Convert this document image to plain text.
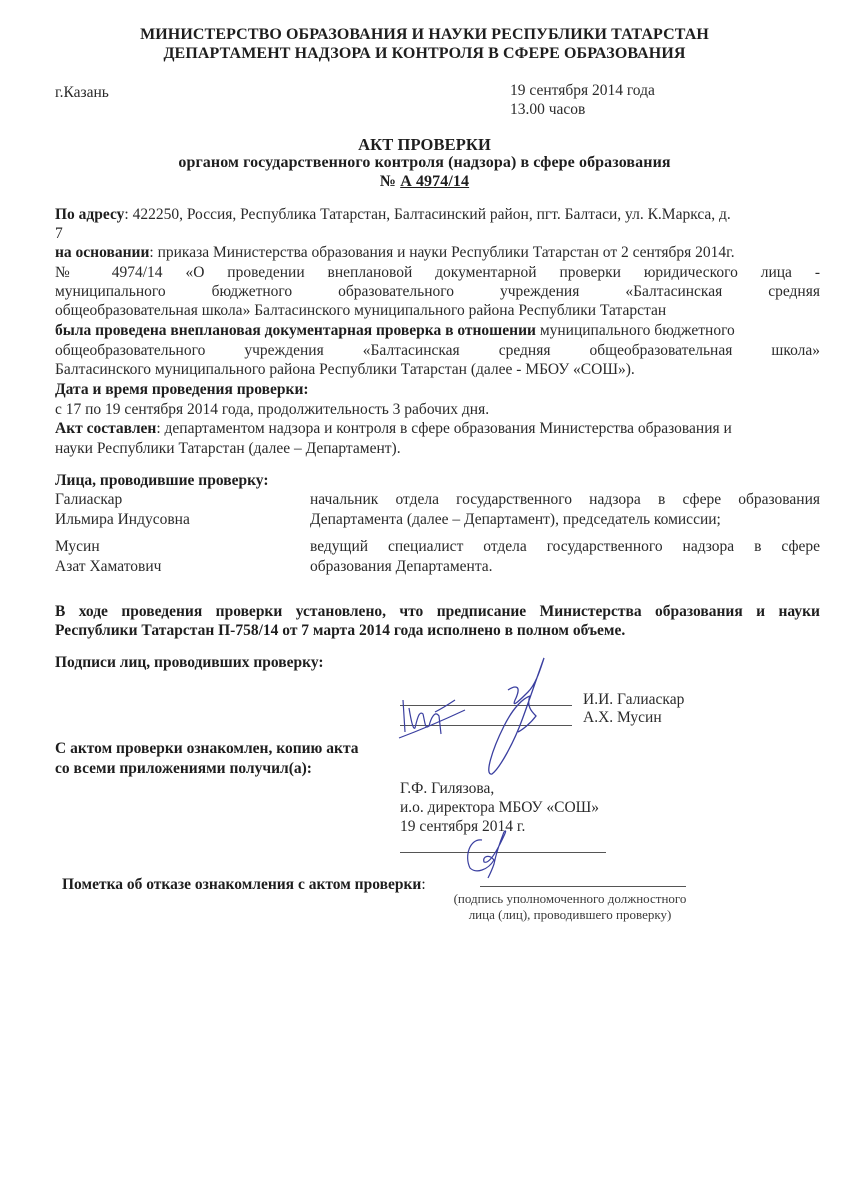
МИНИСТЕРСТВО ОБРАЗОВАНИЯ И НАУКИ РЕСПУБЛИКИ ТАТАРСТАН
ДЕПАРТАМЕНТ НАДЗОРА И КОНТРОЛЯ В СФЕРЕ ОБРАЗОВАНИЯ
г.Казань	19 сентября 2014 года
13.00 часов
АКТ ПРОВЕРКИ
органом государственного контроля (надзора) в сфере образования
№ А 4974/14
По адресу: 422250, Россия, Республика Татарстан, Балтасинский район, пгт. Балтаси, ул. К.Маркса, д.
7
на основании: приказа Министерства образования и науки Республики Татарстан от 2 сентября 2014г.
№ 4974/14 «О проведении внеплановой документарной проверки юридического лица -
муниципального бюджетного образовательного учреждения «Балтасинская средняя
общеобразовательная школа» Балтасинского муниципального района Республики Татарстан
была проведена внеплановая документарная проверка в отношении муниципального бюджетного
общеобразовательного учреждения «Балтасинская средняя общеобразовательная школа»
Балтасинского муниципального района Республики Татарстан (далее - МБОУ «СОШ»).
Дата и время проведения проверки:
с 17 по 19 сентября 2014 года, продолжительность 3 рабочих дня.
Акт составлен: департаментом надзора и контроля в сфере образования Министерства образования и
науки Республики Татарстан (далее – Департамент).
Лица, проводившие проверку:
Галиаскар
Ильмира Индусовна
начальник отдела государственного надзора в сфере образования
Департамента (далее – Департамент), председатель комиссии;
Мусин
Азат Хаматович
ведущий специалист отдела государственного надзора в сфере
образования Департамента.
В ходе проведения проверки установлено, что предписание Министерства образования и науки
Республики Татарстан П-758/14 от 7 марта 2014 года исполнено в полном объеме.
Подписи лиц, проводивших проверку:
И.И. Галиаскар
А.Х. Мусин
С актом проверки ознакомлен, копию акта
со всеми приложениями получил(а):
Г.Ф. Гилязова,
и.о. директора МБОУ «СОШ»
19 сентября 2014 г.
Пометка об отказе ознакомления с актом проверки:
(подпись уполномоченного должностного
лица (лиц), проводившего проверку)
